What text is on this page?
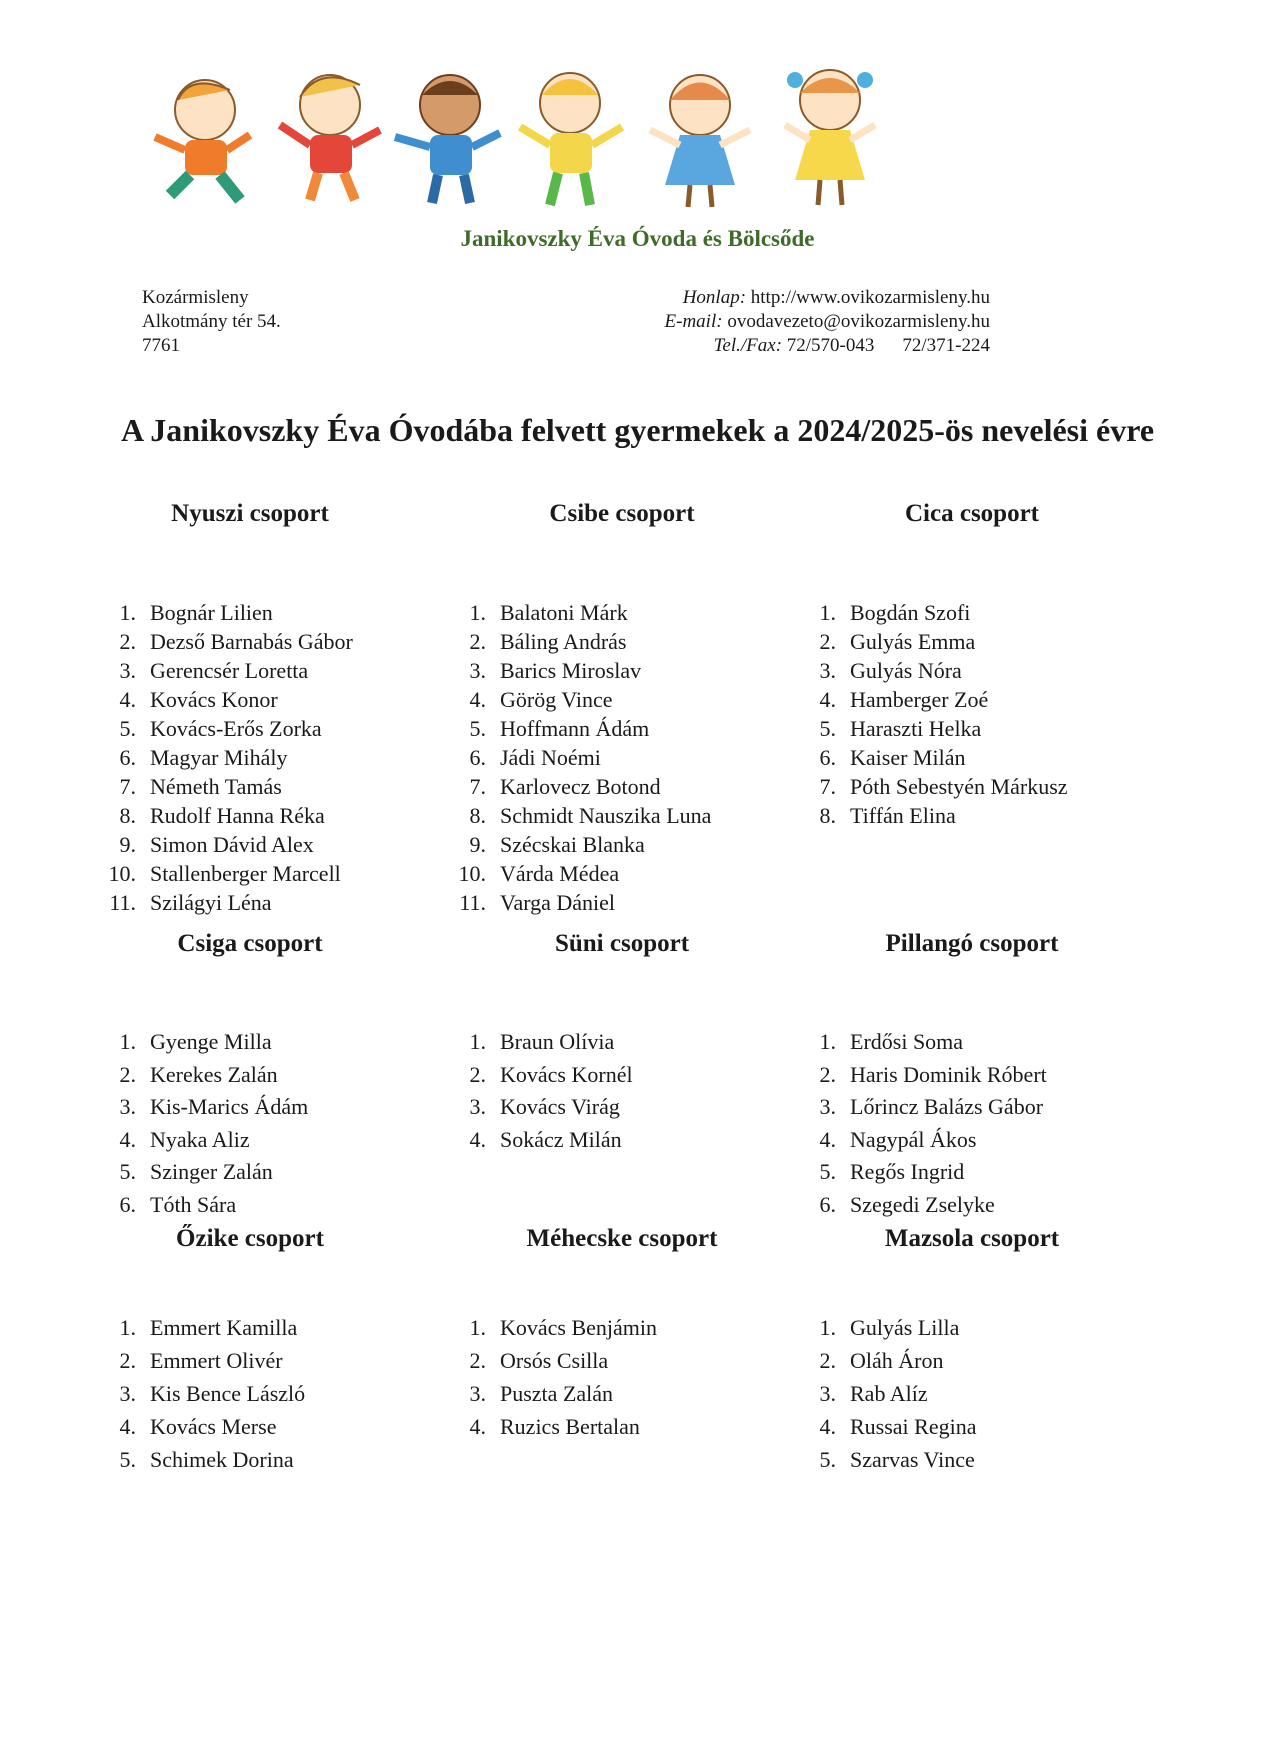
Janikovszky Éva Óvoda és Bölcsőde
Kozármisleny
Alkotmány tér 54.
7761
Honlap: http://www.ovikozarmisleny.hu
E-mail: ovodavezeto@ovikozarmisleny.hu
Tel./Fax: 72/570-043 72/371-224
A Janikovszky Éva Óvodába felvett gyermekek a 2024/2025-ös nevelési évre
Nyuszi csoport
1. Bognár Lilien
2. Dezső Barnabás Gábor
3. Gerencsér Loretta
4. Kovács Konor
5. Kovács-Erős Zorka
6. Magyar Mihály
7. Németh Tamás
8. Rudolf Hanna Réka
9. Simon Dávid Alex
10. Stallenberger Marcell
11. Szilágyi Léna
Csibe csoport
1. Balatoni Márk
2. Báling András
3. Barics Miroslav
4. Görög Vince
5. Hoffmann Ádám
6. Jádi Noémi
7. Karlovecz Botond
8. Schmidt Nauszika Luna
9. Szécskai Blanka
10. Várda Médea
11. Varga Dániel
Cica csoport
1. Bogdán Szofi
2. Gulyás Emma
3. Gulyás Nóra
4. Hamberger Zoé
5. Haraszti Helka
6. Kaiser Milán
7. Póth Sebestyén Márkusz
8. Tiffán Elina
Csiga csoport
1. Gyenge Milla
2. Kerekes Zalán
3. Kis-Marics Ádám
4. Nyaka Aliz
5. Szinger Zalán
6. Tóth Sára
Süni csoport
1. Braun Olívia
2. Kovács Kornél
3. Kovács Virág
4. Sokácz Milán
Pillangó csoport
1. Erdősi Soma
2. Haris Dominik Róbert
3. Lőrincz Balázs Gábor
4. Nagypál Ákos
5. Regős Ingrid
6. Szegedi Zselyke
Őzike csoport
1. Emmert Kamilla
2. Emmert Olivér
3. Kis Bence László
4. Kovács Merse
5. Schimek Dorina
Méhecske csoport
1. Kovács Benjámin
2. Orsós Csilla
3. Puszta Zalán
4. Ruzics Bertalan
Mazsola csoport
1. Gulyás Lilla
2. Oláh Áron
3. Rab Alíz
4. Russai Regina
5. Szarvas Vince
